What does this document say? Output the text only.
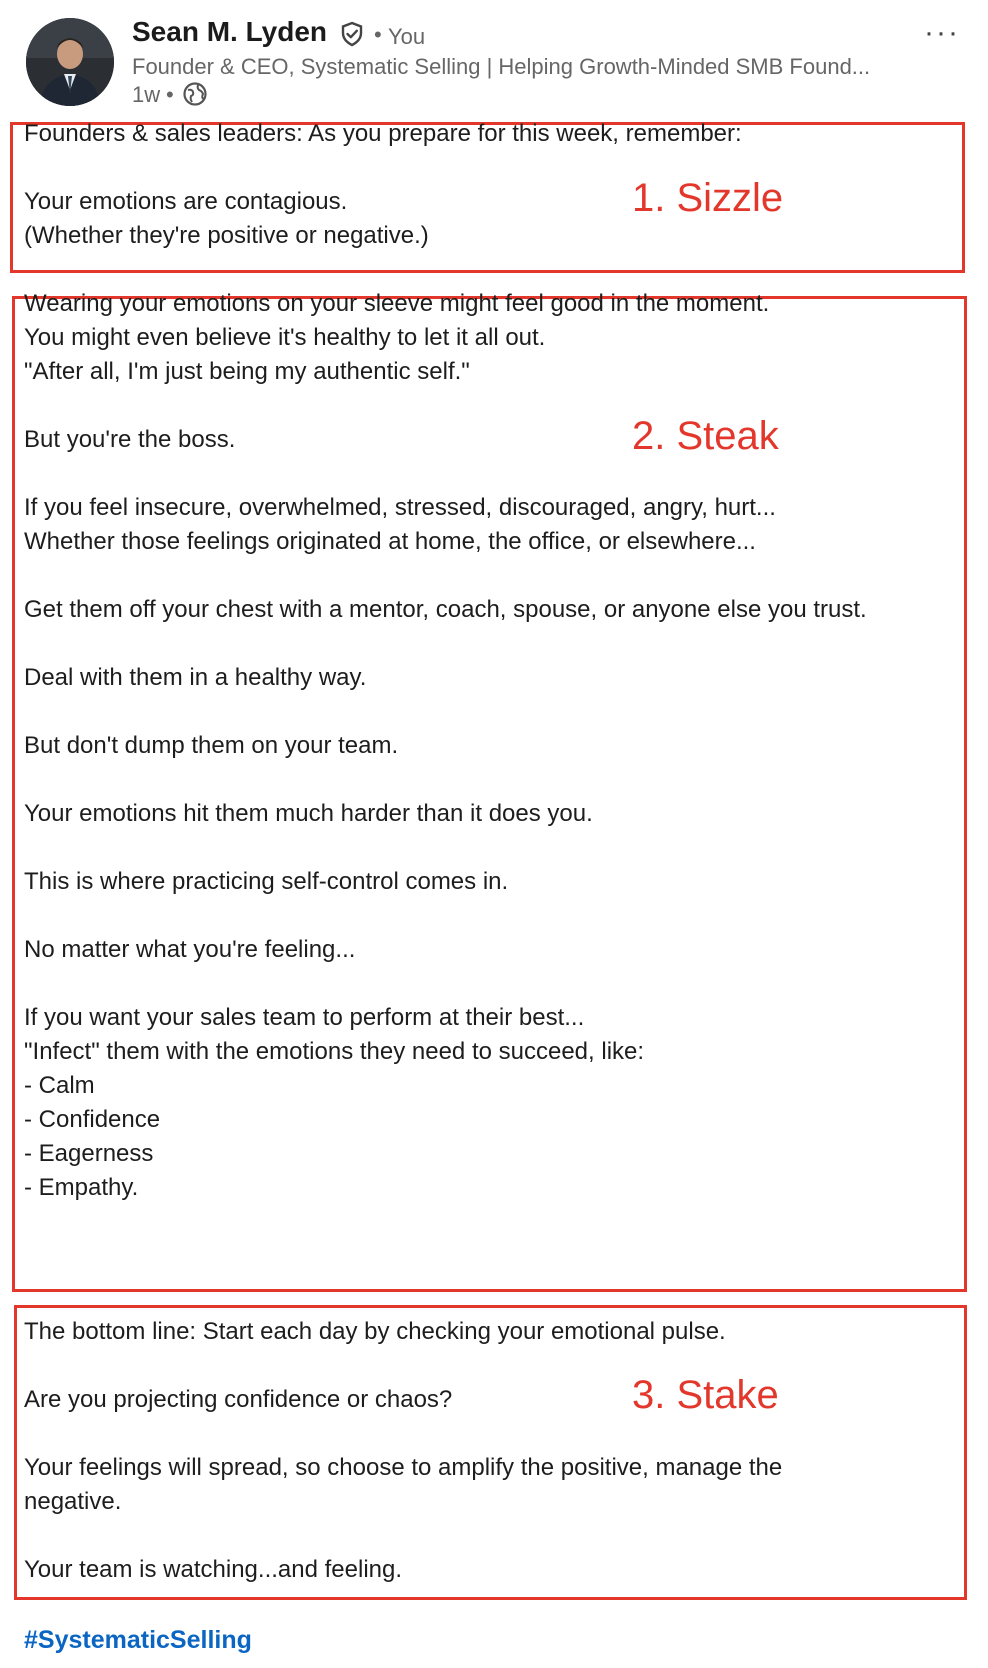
Sean M. Lyden • You
Founder & CEO, Systematic Selling | Helping Growth-Minded SMB Found...
1w •
···
Founders & sales leaders: As you prepare for this week, remember:
Your emotions are contagious.
(Whether they're positive or negative.)
1. Sizzle
Wearing your emotions on your sleeve might feel good in the moment.
You might even believe it's healthy to let it all out.
"After all, I'm just being my authentic self."
But you're the boss.
If you feel insecure, overwhelmed, stressed, discouraged, angry, hurt...
Whether those feelings originated at home, the office, or elsewhere...
Get them off your chest with a mentor, coach, spouse, or anyone else you trust.
Deal with them in a healthy way.
But don't dump them on your team.
Your emotions hit them much harder than it does you.
This is where practicing self-control comes in.
No matter what you're feeling...
If you want your sales team to perform at their best...
"Infect" them with the emotions they need to succeed, like:
- Calm
- Confidence
- Eagerness
- Empathy.
2. Steak
The bottom line: Start each day by checking your emotional pulse.
Are you projecting confidence or chaos?
Your feelings will spread, so choose to amplify the positive, manage the
negative.
Your team is watching...and feeling.
3. Stake
#SystematicSelling
